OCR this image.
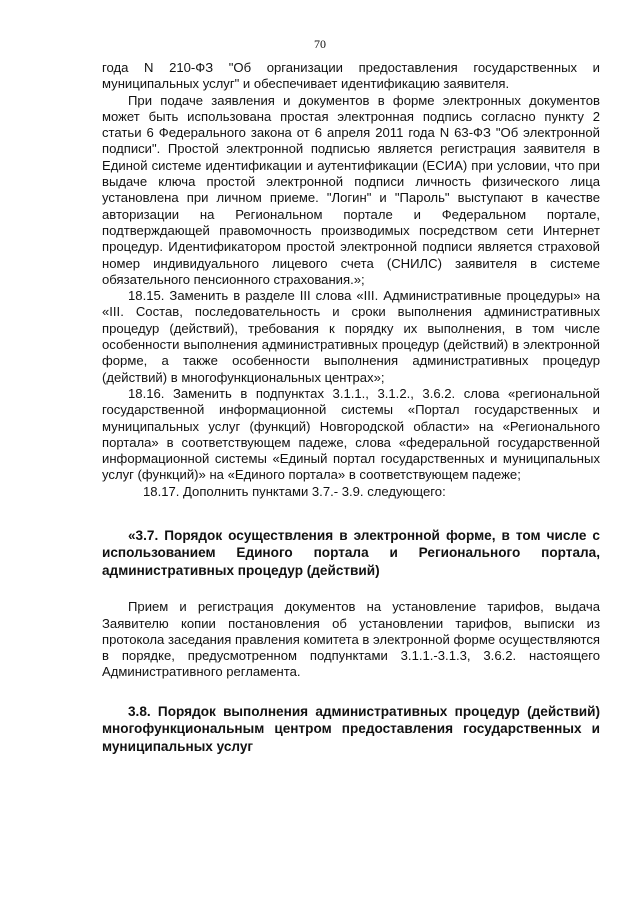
70

года N 210-ФЗ "Об организации предоставления государственных и муниципальных услуг" и обеспечивает идентификацию заявителя.

При подаче заявления и документов в форме электронных документов может быть использована простая электронная подпись согласно пункту 2 статьи 6 Федерального закона от 6 апреля 2011 года N 63-ФЗ "Об электронной подписи". Простой электронной подписью является регистрация заявителя в Единой системе идентификации и аутентификации (ЕСИА) при условии, что при выдаче ключа простой электронной подписи личность физического лица установлена при личном приеме. "Логин" и "Пароль" выступают в качестве авторизации на Региональном портале и Федеральном портале, подтверждающей правомочность производимых посредством сети Интернет процедур. Идентификатором простой электронной подписи является страховой номер индивидуального лицевого счета (СНИЛС) заявителя в системе обязательного пенсионного страхования.»;

18.15. Заменить в разделе III слова «III. Административные процедуры» на «III. Состав, последовательность и сроки выполнения административных процедур (действий), требования к порядку их выполнения, в том числе особенности выполнения административных процедур (действий) в электронной форме, а также особенности выполнения административных процедур (действий) в многофункциональных центрах»;

18.16. Заменить в подпунктах 3.1.1., 3.1.2., 3.6.2. слова «региональной государственной информационной системы «Портал государственных и муниципальных услуг (функций) Новгородской области» на «Регионального портала» в соответствующем падеже, слова «федеральной государственной информационной системы «Единый портал государственных и муниципальных услуг (функций)» на «Единого портала» в соответствующем падеже;

18.17. Дополнить пунктами 3.7.- 3.9. следующего:

«3.7. Порядок осуществления в электронной форме, в том числе с использованием Единого портала и Регионального портала, административных процедур (действий)

Прием и регистрация документов на установление тарифов, выдача Заявителю копии постановления об установлении тарифов, выписки из протокола заседания правления комитета в электронной форме осуществляются в порядке, предусмотренном подпунктами 3.1.1.-3.1.3, 3.6.2. настоящего Административного регламента.

3.8. Порядок выполнения административных процедур (действий) многофункциональным центром предоставления государственных и муниципальных услуг
